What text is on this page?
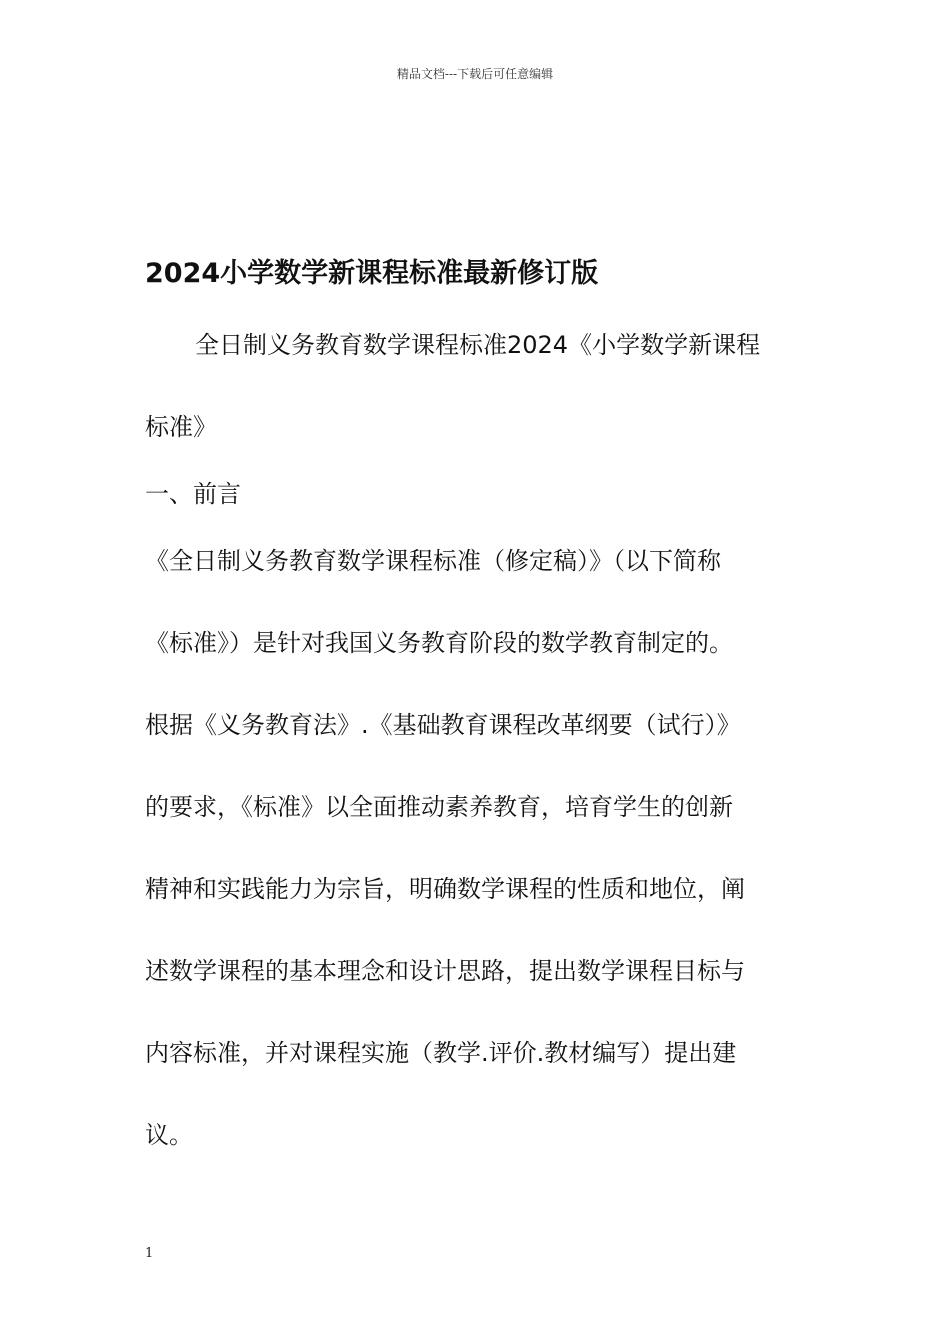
精品文档---下载后可任意编辑
2024小学数学新课程标准最新修订版
全日制义务教育数学课程标准2024《小学数学新课程
标准》
一、前言
《全日制义务教育数学课程标准（修定稿）》（以下简称
《标准》）是针对我国义务教育阶段的数学教育制定的。
根据《义务教育法》.《基础教育课程改革纲要（试行）》
的要求，《标准》以全面推动素养教育，培育学生的创新
精神和实践能力为宗旨，明确数学课程的性质和地位，阐
述数学课程的基本理念和设计思路，提出数学课程目标与
内容标准，并对课程实施（教学.评价.教材编写）提出建
议。
1
